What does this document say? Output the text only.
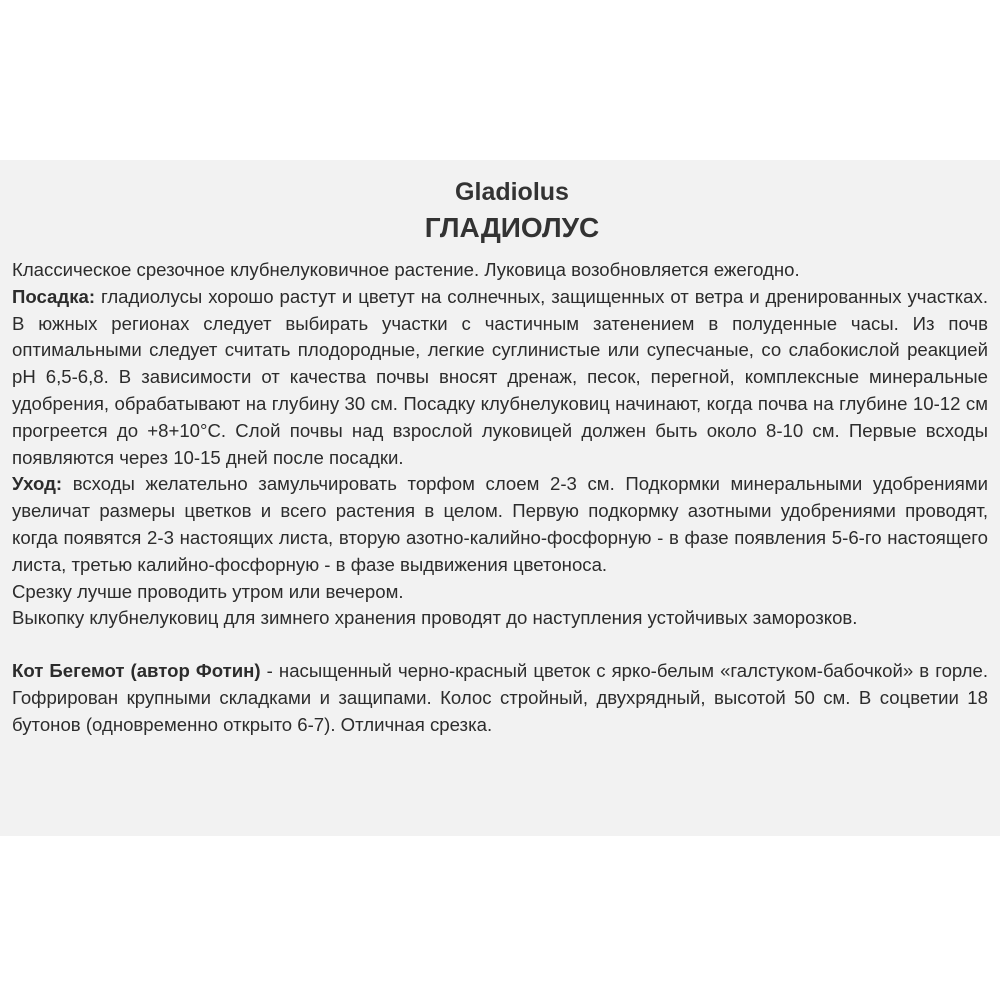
Gladiolus
ГЛАДИОЛУС

Классическое срезочное клубнелуковичное растение. Луковица возобновляется ежегодно.

Посадка: гладиолусы хорошо растут и цветут на солнечных, защищенных от ветра и дренированных участках. В южных регионах следует выбирать участки с частичным затенением в полуденные часы. Из почв оптимальными следует считать плодородные, легкие суглинистые или супесчаные, со слабокислой реакцией pH 6,5-6,8. В зависимости от качества почвы вносят дренаж, песок, перегной, комплексные минеральные удобрения, обрабатывают на глубину 30 см. Посадку клубнелуковиц начинают, когда почва на глубине 10-12 см прогреется до +8+10°С. Слой почвы над взрослой луковицей должен быть около 8-10 см. Первые всходы появляются через 10-15 дней после посадки.

Уход: всходы желательно замульчировать торфом слоем 2-3 см. Подкормки минеральными удобрениями увеличат размеры цветков и всего растения в целом. Первую подкормку азотными удобрениями проводят, когда появятся 2-3 настоящих листа, вторую азотно-калийно-фосфорную - в фазе появления 5-6-го настоящего листа, третью калийно-фосфорную - в фазе выдвижения цветоноса.

Срезку лучше проводить утром или вечером.

Выкопку клубнелуковиц для зимнего хранения проводят до наступления устойчивых заморозков.

Кот Бегемот (автор Фотин) - насыщенный черно-красный цветок с ярко-белым «галстуком-бабочкой» в горле. Гофрирован крупными складками и защипами. Колос стройный, двухрядный, высотой 50 см. В соцветии 18 бутонов (одновременно открыто 6-7). Отличная срезка.
